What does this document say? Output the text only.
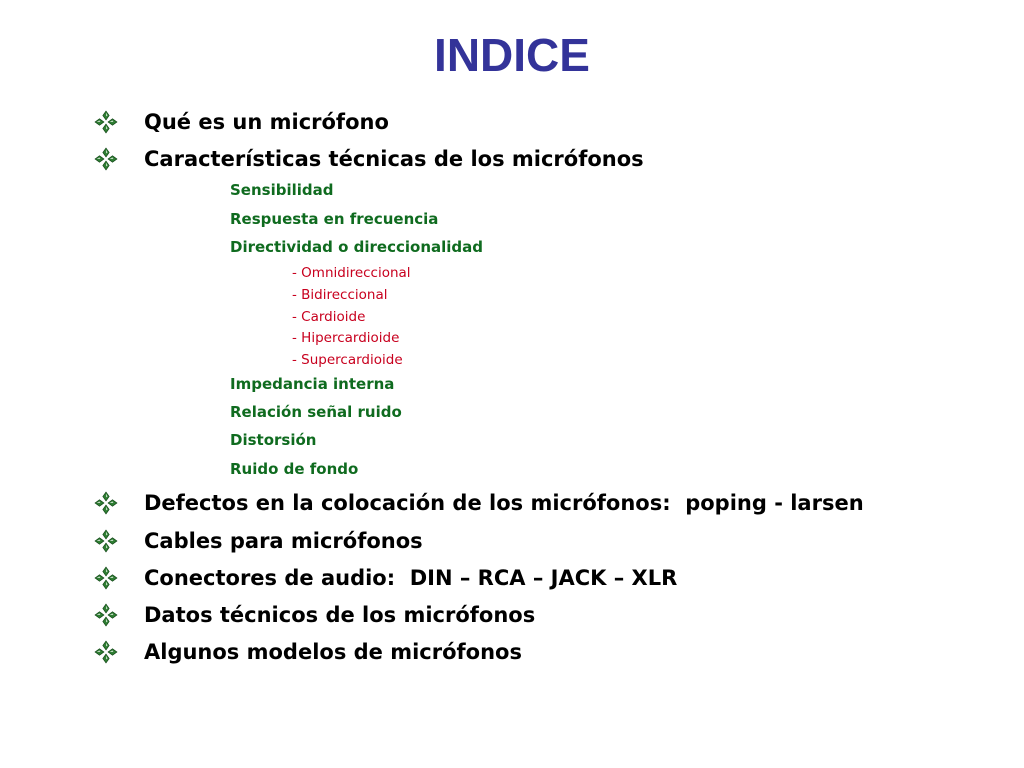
INDICE
Qué es un micrófono
Características técnicas de los micrófonos
Sensibilidad
Respuesta en frecuencia
Directividad o direccionalidad
- Omnidireccional
- Bidireccional
- Cardioide
- Hipercardioide
- Supercardioide
Impedancia interna
Relación señal ruido
Distorsión
Ruido de fondo
Defectos en la colocación de los micrófonos:  poping - larsen
Cables para micrófonos
Conectores de audio:  DIN – RCA – JACK – XLR
Datos técnicos de los micrófonos
Algunos modelos de micrófonos
